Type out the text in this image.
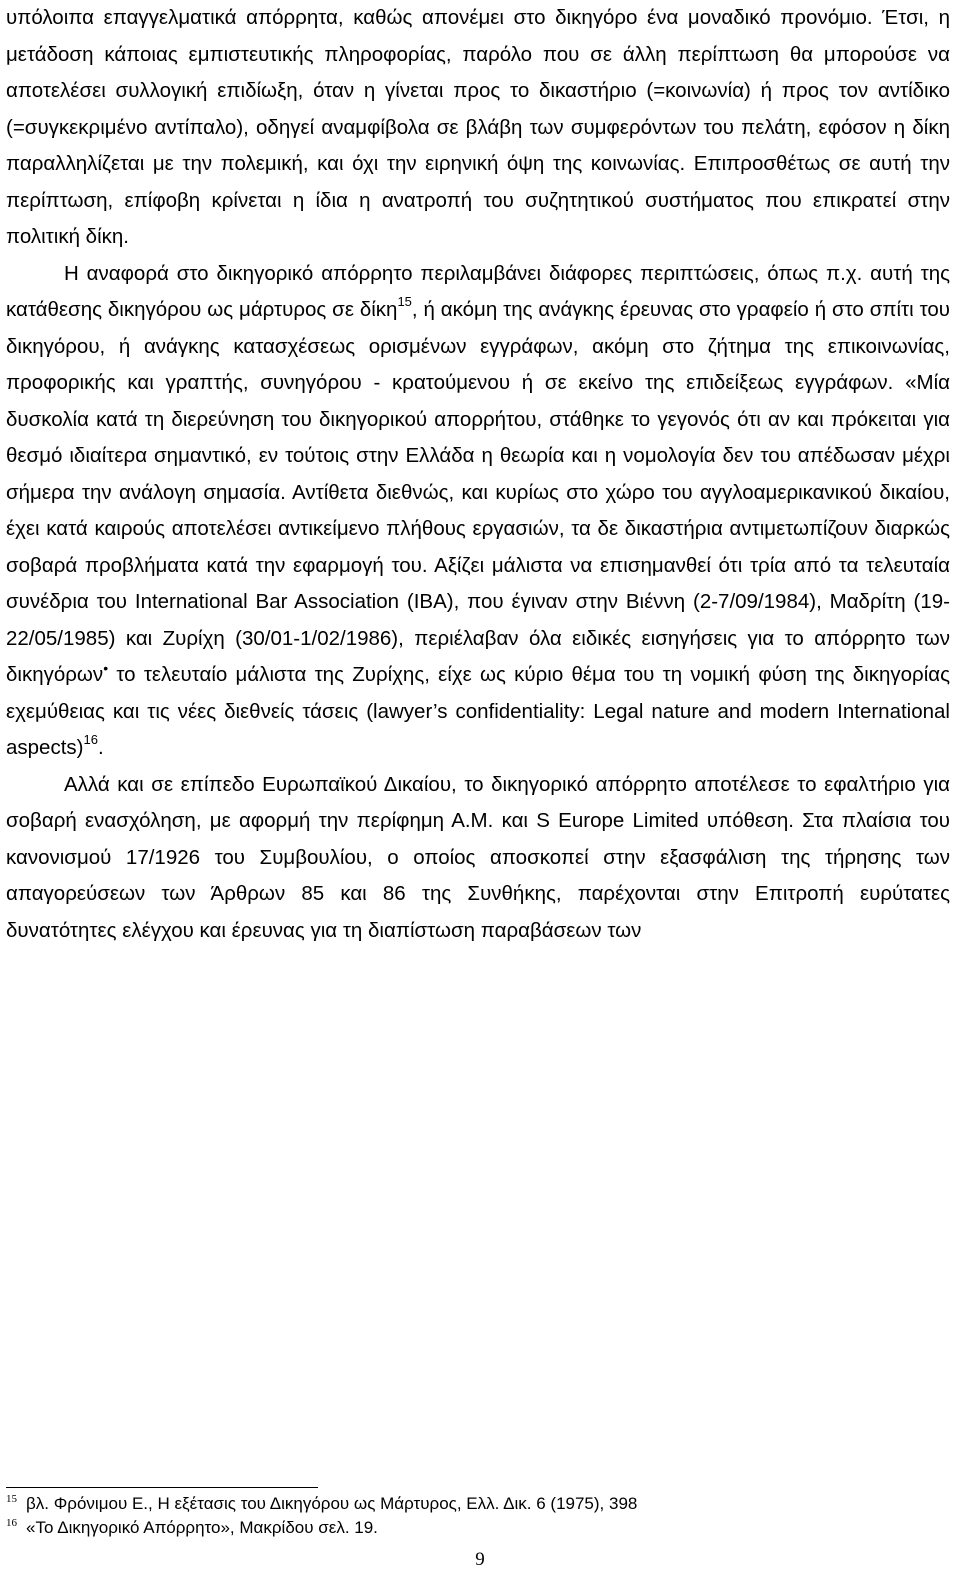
υπόλοιπα επαγγελματικά απόρρητα, καθώς απονέμει στο δικηγόρο ένα μοναδικό προνόμιο. Έτσι, η μετάδοση κάποιας εμπιστευτικής πληροφορίας, παρόλο που σε άλλη περίπτωση θα μπορούσε να αποτελέσει συλλογική επιδίωξη, όταν η γίνεται προς το δικαστήριο (=κοινωνία) ή προς τον αντίδικο (=συγκεκριμένο αντίπαλο), οδηγεί αναμφίβολα σε βλάβη των συμφερόντων του πελάτη, εφόσον η δίκη παραλληλίζεται με την πολεμική, και όχι την ειρηνική όψη της κοινωνίας. Επιπροσθέτως σε αυτή την περίπτωση, επίφοβη κρίνεται η ίδια η ανατροπή του συζητητικού συστήματος που επικρατεί στην πολιτική δίκη.

Η αναφορά στο δικηγορικό απόρρητο περιλαμβάνει διάφορες περιπτώσεις, όπως π.χ. αυτή της κατάθεσης δικηγόρου ως μάρτυρος σε δίκη$^{15}$, ή ακόμη της ανάγκης έρευνας στο γραφείο ή στο σπίτι του δικηγόρου, ή ανάγκης κατασχέσεως ορισμένων εγγράφων, ακόμη στο ζήτημα της επικοινωνίας, προφορικής και γραπτής, συνηγόρου - κρατούμενου ή σε εκείνο της επιδείξεως εγγράφων. «Μία δυσκολία κατά τη διερεύνηση του δικηγορικού απορρήτου, στάθηκε το γεγονός ότι αν και πρόκειται για θεσμό ιδιαίτερα σημαντικό, εν τούτοις στην Ελλάδα η θεωρία και η νομολογία δεν του απέδωσαν μέχρι σήμερα την ανάλογη σημασία. Αντίθετα διεθνώς, και κυρίως στο χώρο του αγγλοαμερικανικού δικαίου, έχει κατά καιρούς αποτελέσει αντικείμενο πλήθους εργασιών, τα δε δικαστήρια αντιμετωπίζουν διαρκώς σοβαρά προβλήματα κατά την εφαρμογή του. Αξίζει μάλιστα να επισημανθεί ότι τρία από τα τελευταία συνέδρια του International Bar Association (IBA), που έγιναν στην Βιέννη (2-7/09/1984), Μαδρίτη (19-22/05/1985) και Ζυρίχη (30/01-1/02/1986), περιέλαβαν όλα ειδικές εισηγήσεις για το απόρρητο των δικηγόρων• το τελευταίο μάλιστα της Ζυρίχης, είχε ως κύριο θέμα του τη νομική φύση της δικηγορίας εχεμύθειας και τις νέες διεθνείς τάσεις (lawyer’s confidentiality: Legal nature and modern International aspects)$^{16}$.

Αλλά και σε επίπεδο Ευρωπαϊκού Δικαίου, το δικηγορικό απόρρητο αποτέλεσε το εφαλτήριο για σοβαρή ενασχόληση, με αφορμή την περίφημη Α.Μ. και S Europe Limited υπόθεση. Στα πλαίσια του κανονισμού 17/1926 του Συμβουλίου, ο οποίος αποσκοπεί στην εξασφάλιση της τήρησης των απαγορεύσεων των Άρθρων 85 και 86 της Συνθήκης, παρέχονται στην Επιτροπή ευρύτατες δυνατότητες ελέγχου και έρευνας για τη διαπίστωση παραβάσεων των

15 βλ. Φρόνιμου Ε., Η εξέτασις του Δικηγόρου ως Μάρτυρος, Ελλ. Δικ. 6 (1975), 398

16 «Το Δικηγορικό Απόρρητο», Μακρίδου σελ. 19.

9
